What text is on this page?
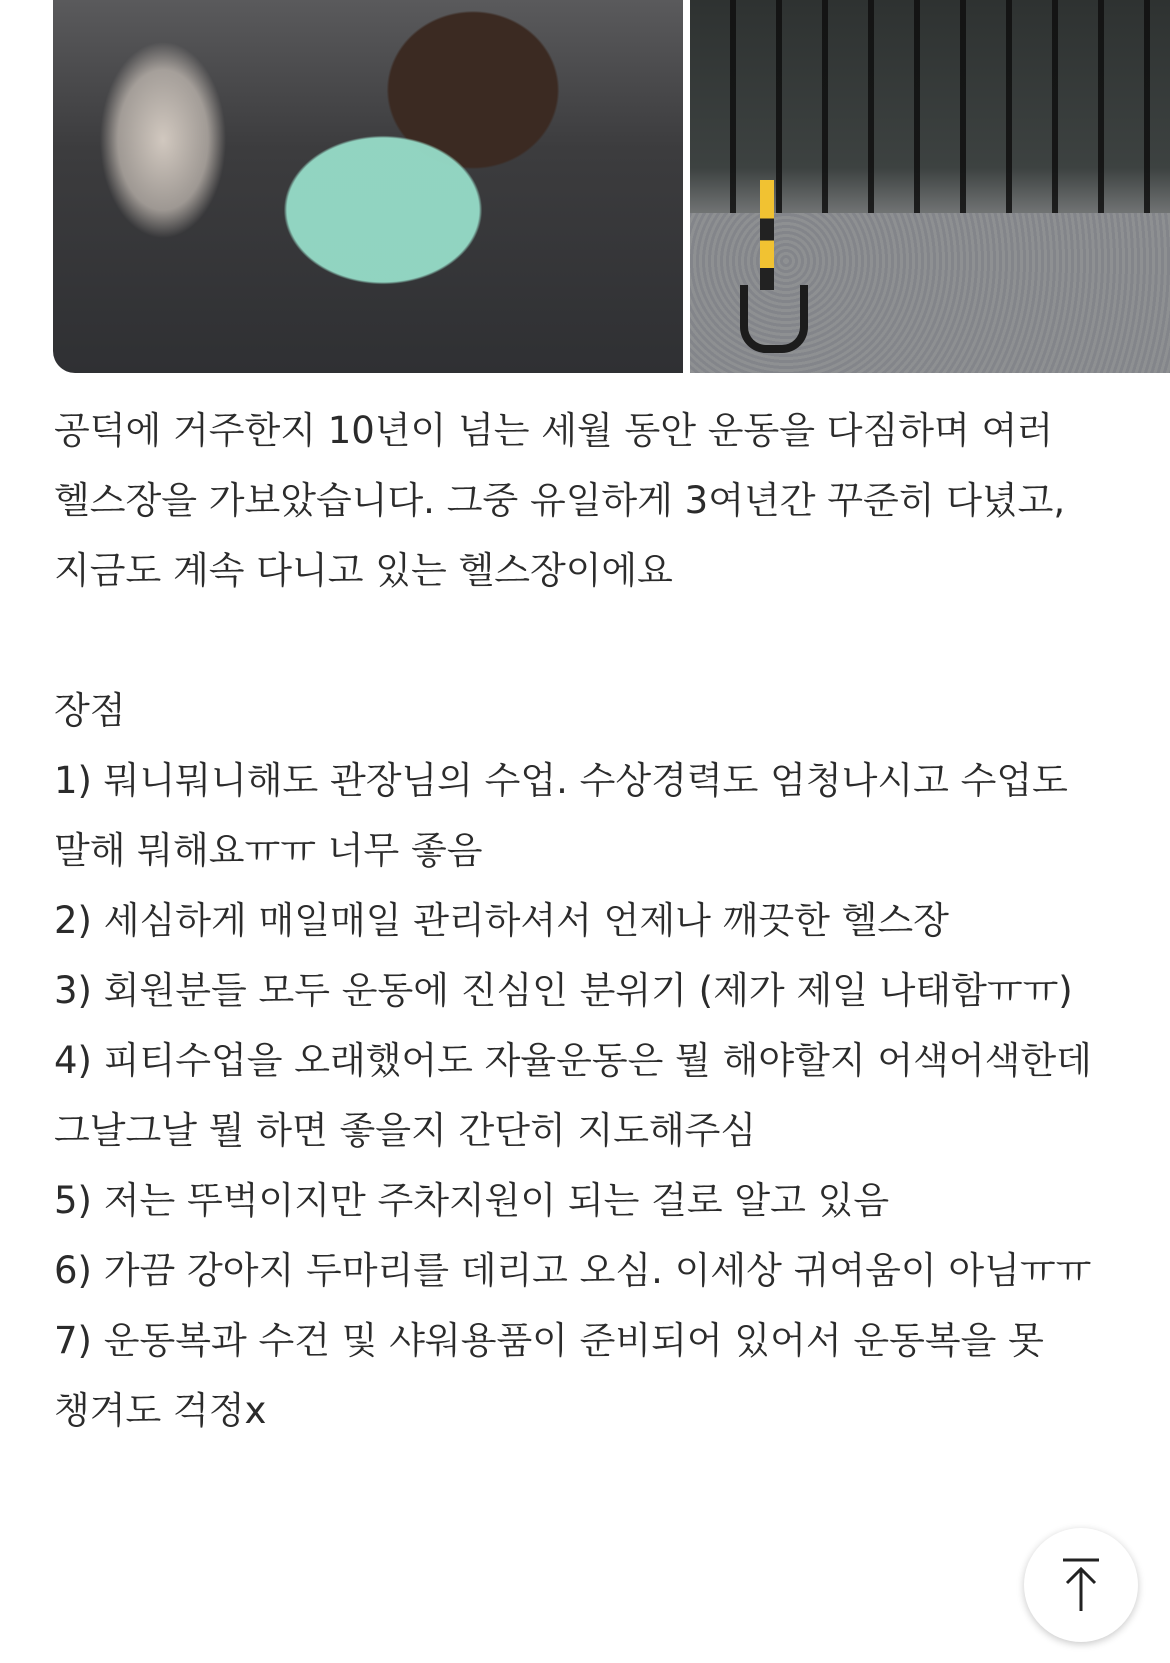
공덕에 거주한지 10년이 넘는 세월 동안 운동을 다짐하며 여러 헬스장을 가보았습니다. 그중 유일하게 3여년간 꾸준히 다녔고, 지금도 계속 다니고 있는 헬스장이에요

장점

1) 뭐니뭐니해도 관장님의 수업. 수상경력도 엄청나시고 수업도 말해 뭐해요ㅠㅠ 너무 좋음

2) 세심하게 매일매일 관리하셔서 언제나 깨끗한 헬스장

3) 회원분들 모두 운동에 진심인 분위기 (제가 제일 나태함ㅠㅠ)

4) 피티수업을 오래했어도 자율운동은 뭘 해야할지 어색어색한데 그날그날 뭘 하면 좋을지 간단히 지도해주심

5) 저는 뚜벅이지만 주차지원이 되는 걸로 알고 있음

6) 가끔 강아지 두마리를 데리고 오심. 이세상 귀여움이 아님ㅠㅠ

7) 운동복과 수건 및 샤워용품이 준비되어 있어서 운동복을 못 챙겨도 걱정x
